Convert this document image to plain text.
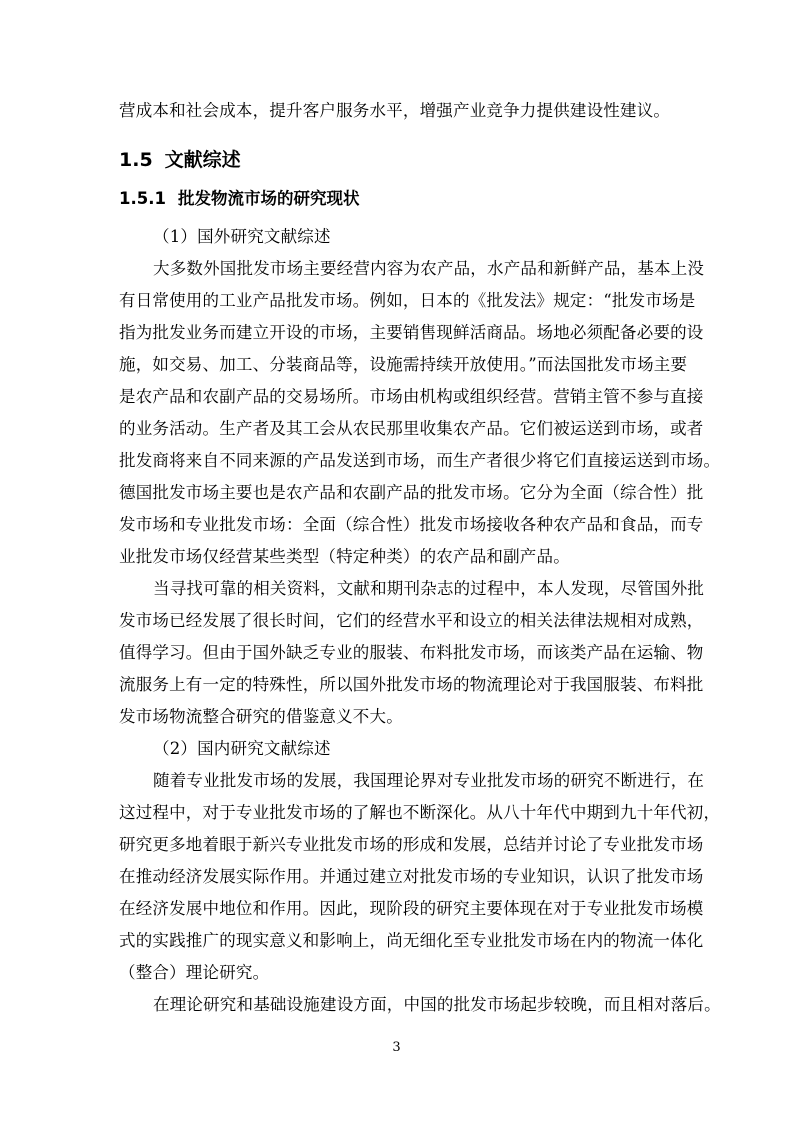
营成本和社会成本，提升客户服务水平，增强产业竞争力提供建设性建议。

1.5 文献综述
1.5.1 批发物流市场的研究现状

（1）国外研究文献综述

大多数外国批发市场主要经营内容为农产品，水产品和新鲜产品，基本上没

有日常使用的工业产品批发市场。例如，日本的《批发法》规定：“批发市场是

指为批发业务而建立开设的市场，主要销售现鲜活商品。场地必须配备必要的设

施，如交易、加工、分装商品等，设施需持续开放使用。”而法国批发市场主要

是农产品和农副产品的交易场所。市场由机构或组织经营。营销主管不参与直接

的业务活动。生产者及其工会从农民那里收集农产品。它们被运送到市场，或者

批发商将来自不同来源的产品发送到市场，而生产者很少将它们直接运送到市场。

德国批发市场主要也是农产品和农副产品的批发市场。它分为全面（综合性）批

发市场和专业批发市场：全面（综合性）批发市场接收各种农产品和食品，而专

业批发市场仅经营某些类型（特定种类）的农产品和副产品。

当寻找可靠的相关资料，文献和期刊杂志的过程中，本人发现，尽管国外批

发市场已经发展了很长时间，它们的经营水平和设立的相关法律法规相对成熟，

值得学习。但由于国外缺乏专业的服装、布料批发市场，而该类产品在运输、物

流服务上有一定的特殊性，所以国外批发市场的物流理论对于我国服装、布料批

发市场物流整合研究的借鉴意义不大。

（2）国内研究文献综述

随着专业批发市场的发展，我国理论界对专业批发市场的研究不断进行，在

这过程中，对于专业批发市场的了解也不断深化。从八十年代中期到九十年代初，

研究更多地着眼于新兴专业批发市场的形成和发展，总结并讨论了专业批发市场

在推动经济发展实际作用。并通过建立对批发市场的专业知识，认识了批发市场

在经济发展中地位和作用。因此，现阶段的研究主要体现在对于专业批发市场模

式的实践推广的现实意义和影响上，尚无细化至专业批发市场在内的物流一体化

（整合）理论研究。

在理论研究和基础设施建设方面，中国的批发市场起步较晚，而且相对落后。

3
